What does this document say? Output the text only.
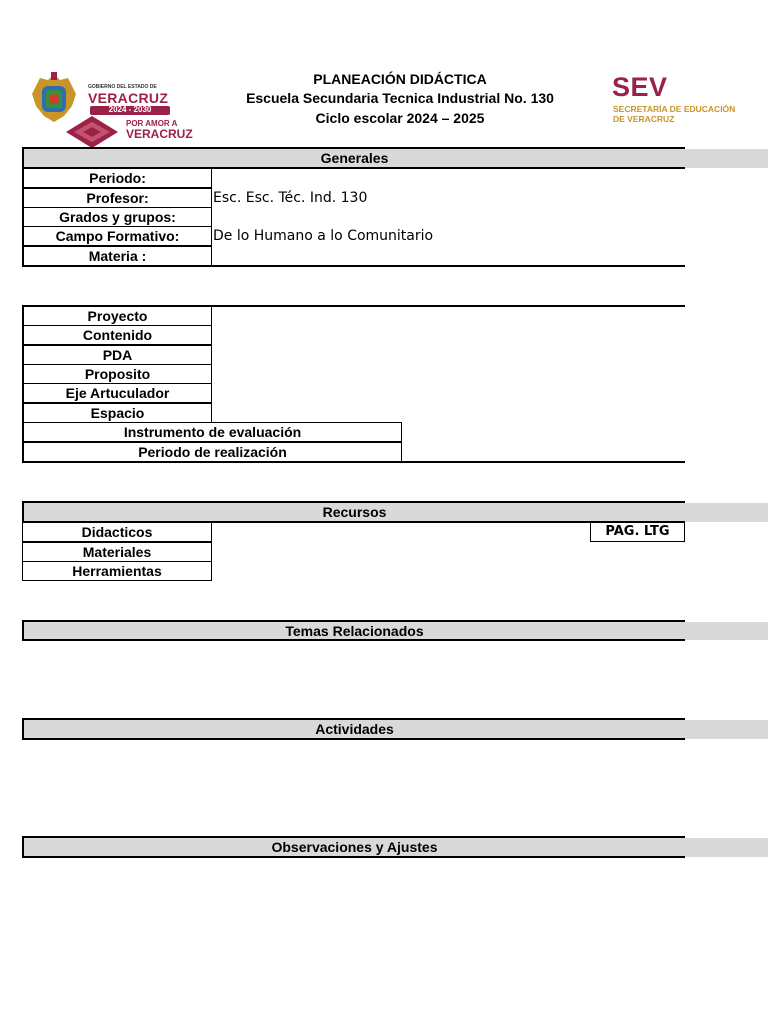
GOBIERNO DEL ESTADO DE
VERACRUZ
2024 - 2030
POR AMOR A
VERACRUZ
PLANEACIÓN DIDÁCTICA
Escuela Secundaria Tecnica Industrial No. 130
Ciclo escolar 2024 – 2025
SEV
SECRETARÍA DE EDUCACIÓN
DE VERACRUZ
Generales
Periodo:
Profesor:	Esc. Esc. Téc. Ind. 130
Grados y grupos:
Campo Formativo:	De lo Humano a lo Comunitario
Materia :
Proyecto
Contenido
PDA
Proposito
Eje Artuculador
Espacio
Instrumento de evaluación
Periodo de realización
Recursos
Didacticos
Materiales
Herramientas
PAG. LTG
Temas Relacionados
Actividades
Observaciones y Ajustes
